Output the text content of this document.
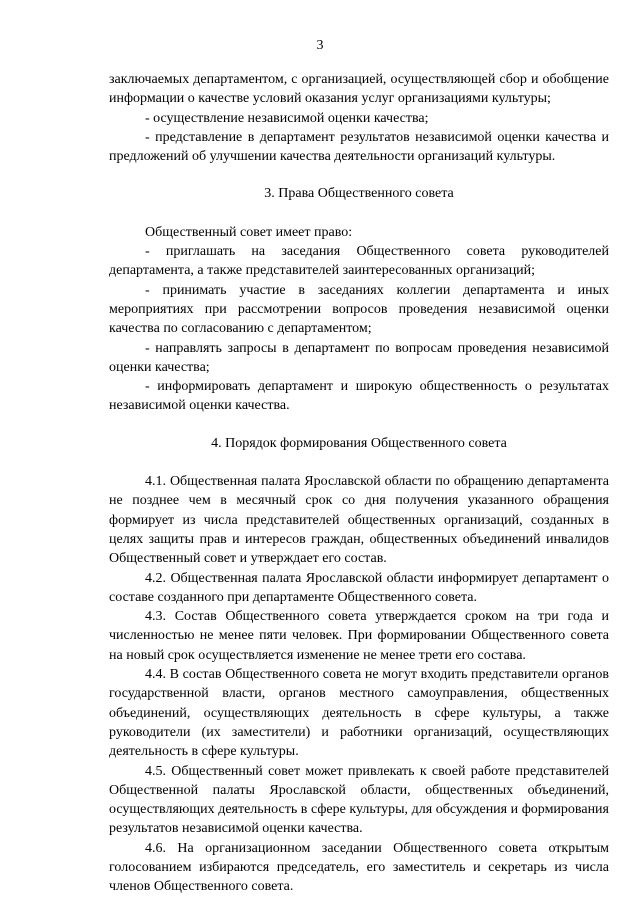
3

заключаемых департаментом, с организацией, осуществляющей сбор и обобщение информации о качестве условий оказания услуг организациями культуры;

- осуществление независимой оценки качества;

- представление в департамент результатов независимой оценки качества и предложений об улучшении качества деятельности организаций культуры.

3. Права Общественного совета

Общественный совет имеет право:

- приглашать на заседания Общественного совета руководителей департамента, а также представителей заинтересованных организаций;

- принимать участие в заседаниях коллегии департамента и иных мероприятиях при рассмотрении вопросов проведения независимой оценки качества по согласованию с департаментом;

- направлять запросы в департамент по вопросам проведения независимой оценки качества;

- информировать департамент и широкую общественность о результатах независимой оценки качества.

4. Порядок формирования Общественного совета

4.1. Общественная палата Ярославской области по обращению департамента не позднее чем в месячный срок со дня получения указанного обращения формирует из числа представителей общественных организаций, созданных в целях защиты прав и интересов граждан, общественных объединений инвалидов Общественный совет и утверждает его состав.

4.2. Общественная палата Ярославской области информирует департамент о составе созданного при департаменте Общественного совета.

4.3. Состав Общественного совета утверждается сроком на три года и численностью не менее пяти человек. При формировании Общественного совета на новый срок осуществляется изменение не менее трети его состава.

4.4. В состав Общественного совета не могут входить представители органов государственной власти, органов местного самоуправления, общественных объединений, осуществляющих деятельность в сфере культуры, а также руководители (их заместители) и работники организаций, осуществляющих деятельность в сфере культуры.

4.5. Общественный совет может привлекать к своей работе представителей Общественной палаты Ярославской области, общественных объединений, осуществляющих деятельность в сфере культуры, для обсуждения и формирования результатов независимой оценки качества.

4.6. На организационном заседании Общественного совета открытым голосованием избираются председатель, его заместитель и секретарь из числа членов Общественного совета.
